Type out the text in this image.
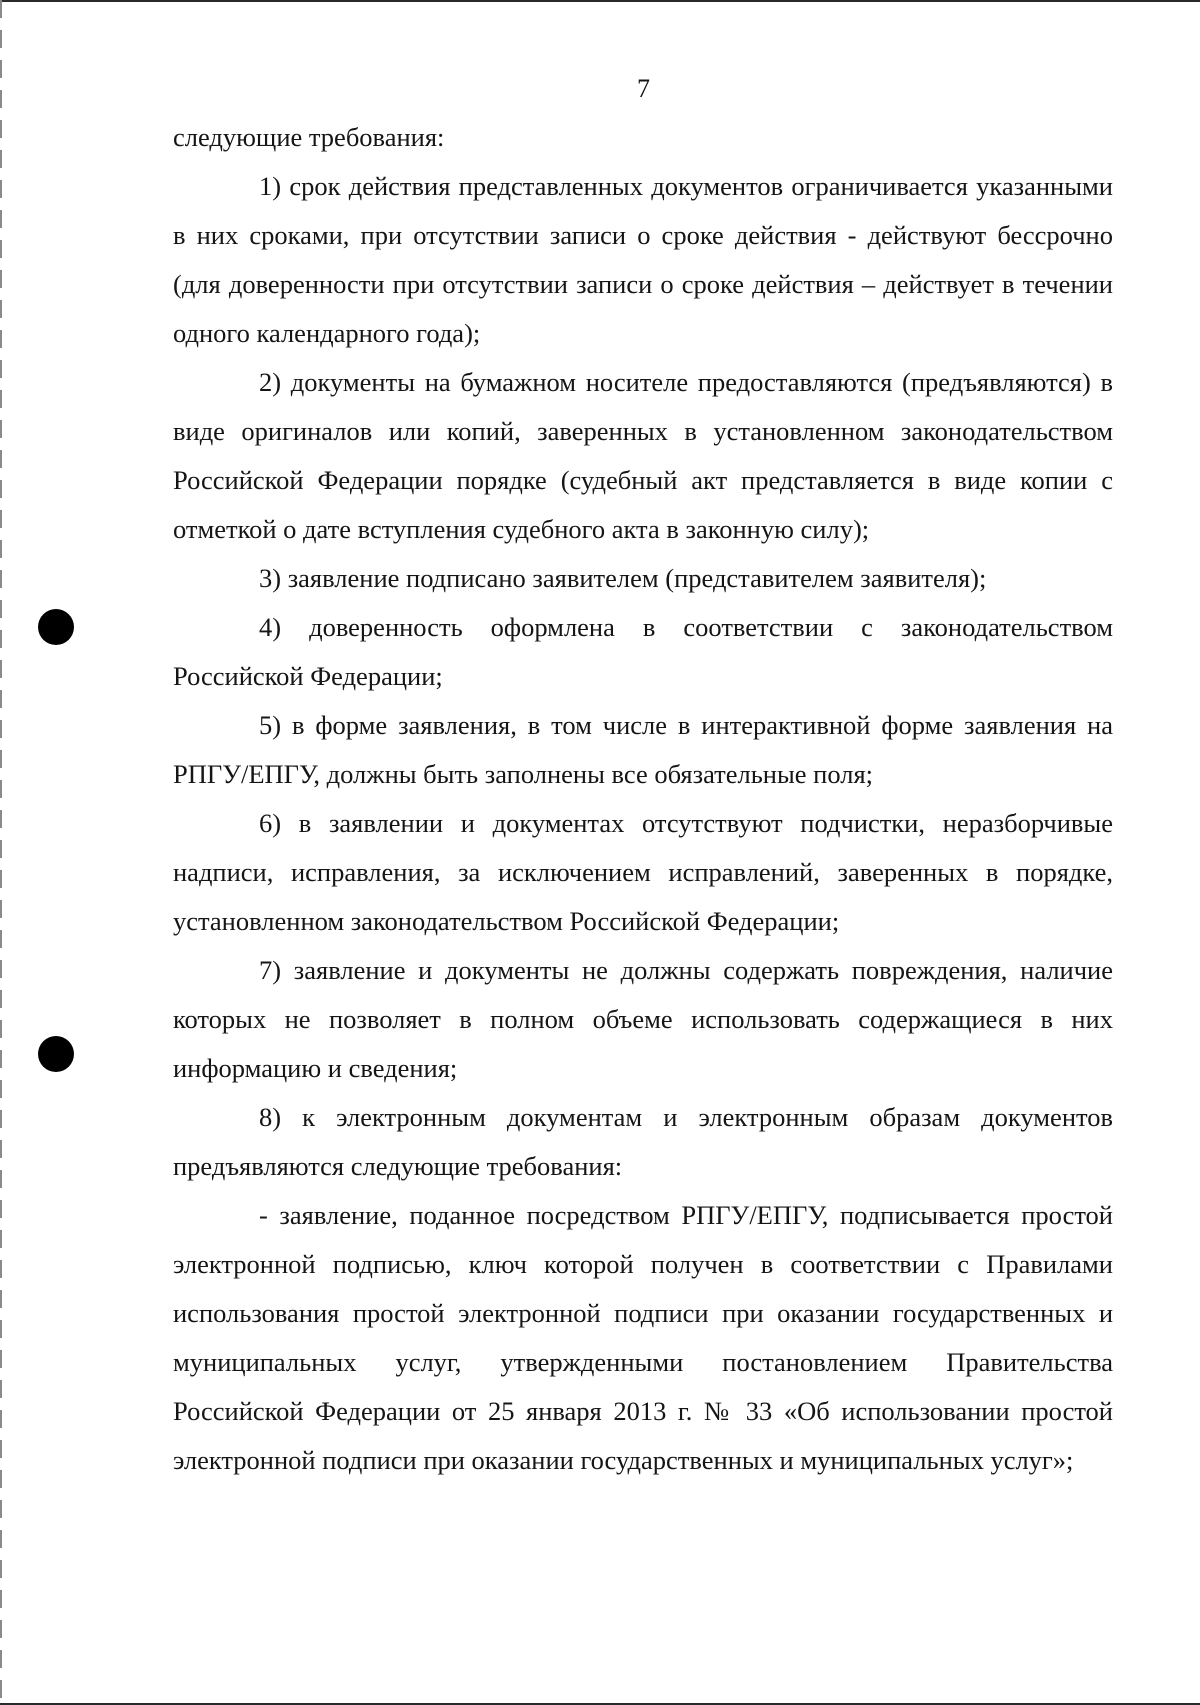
7

следующие требования:

1) срок действия представленных документов ограничивается указанными в них сроками, при отсутствии записи о сроке действия - действуют бессрочно (для доверенности при отсутствии записи о сроке действия – действует в течении одного календарного года);

2) документы на бумажном носителе предоставляются (предъявляются) в виде оригиналов или копий, заверенных в установленном законодательством Российской Федерации порядке (судебный акт представляется в виде копии с отметкой о дате вступления судебного акта в законную силу);

3) заявление подписано заявителем (представителем заявителя);

4) доверенность оформлена в соответствии с законодательством Российской Федерации;

5) в форме заявления, в том числе в интерактивной форме заявления на РПГУ/ЕПГУ, должны быть заполнены все обязательные поля;

6) в заявлении и документах отсутствуют подчистки, неразборчивые надписи, исправления, за исключением исправлений, заверенных в порядке, установленном законодательством Российской Федерации;

7) заявление и документы не должны содержать повреждения, наличие которых не позволяет в полном объеме использовать содержащиеся в них информацию и сведения;

8) к электронным документам и электронным образам документов предъявляются следующие требования:

- заявление, поданное посредством РПГУ/ЕПГУ, подписывается простой электронной подписью, ключ которой получен в соответствии с Правилами использования простой электронной подписи при оказании государственных и муниципальных услуг, утвержденными постановлением Правительства Российской Федерации от 25 января 2013 г. № 33 «Об использовании простой электронной подписи при оказании государственных и муниципальных услуг»;
